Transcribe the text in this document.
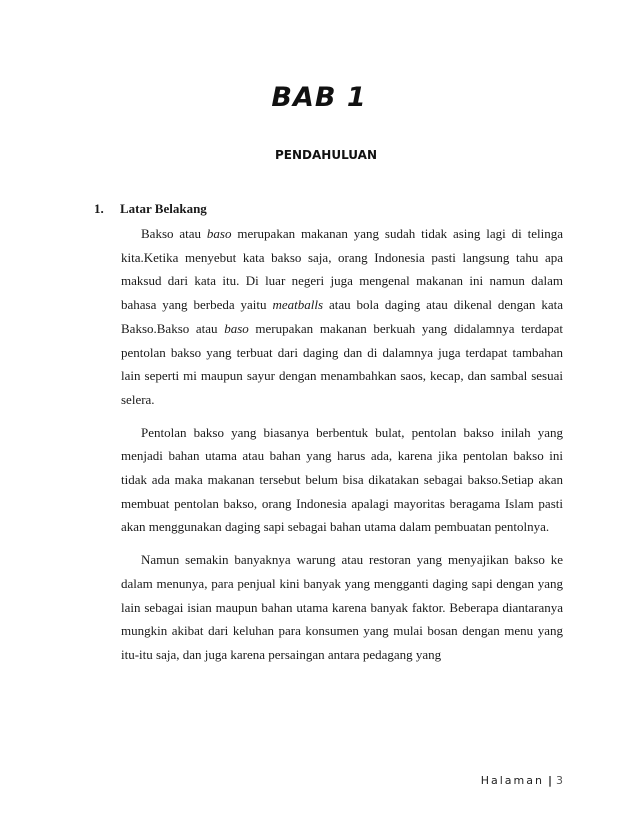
BAB 1
PENDAHULUAN
1. Latar Belakang

Bakso atau baso merupakan makanan yang sudah tidak asing lagi di telinga kita.Ketika menyebut kata bakso saja, orang Indonesia pasti langsung tahu apa maksud dari kata itu. Di luar negeri juga mengenal makanan ini namun dalam bahasa yang berbeda yaitu meatballs atau bola daging atau dikenal dengan kata Bakso.Bakso atau baso merupakan makanan berkuah yang didalamnya terdapat pentolan bakso yang terbuat dari daging dan di dalamnya juga terdapat tambahan lain seperti mi maupun sayur dengan menambahkan saos, kecap, dan sambal sesuai selera.

Pentolan bakso yang biasanya berbentuk bulat, pentolan bakso inilah yang menjadi bahan utama atau bahan yang harus ada, karena jika pentolan bakso ini tidak ada maka makanan tersebut belum bisa dikatakan sebagai bakso.Setiap akan membuat pentolan bakso, orang Indonesia apalagi mayoritas beragama Islam pasti akan menggunakan daging sapi sebagai bahan utama dalam pembuatan pentolnya.

Namun semakin banyaknya warung atau restoran yang menyajikan bakso ke dalam menunya, para penjual kini banyak yang mengganti daging sapi dengan yang lain sebagai isian maupun bahan utama karena banyak faktor. Beberapa diantaranya mungkin akibat dari keluhan para konsumen yang mulai bosan dengan menu yang itu-itu saja, dan juga karena persaingan antara pedagang yang

Halaman | 3
